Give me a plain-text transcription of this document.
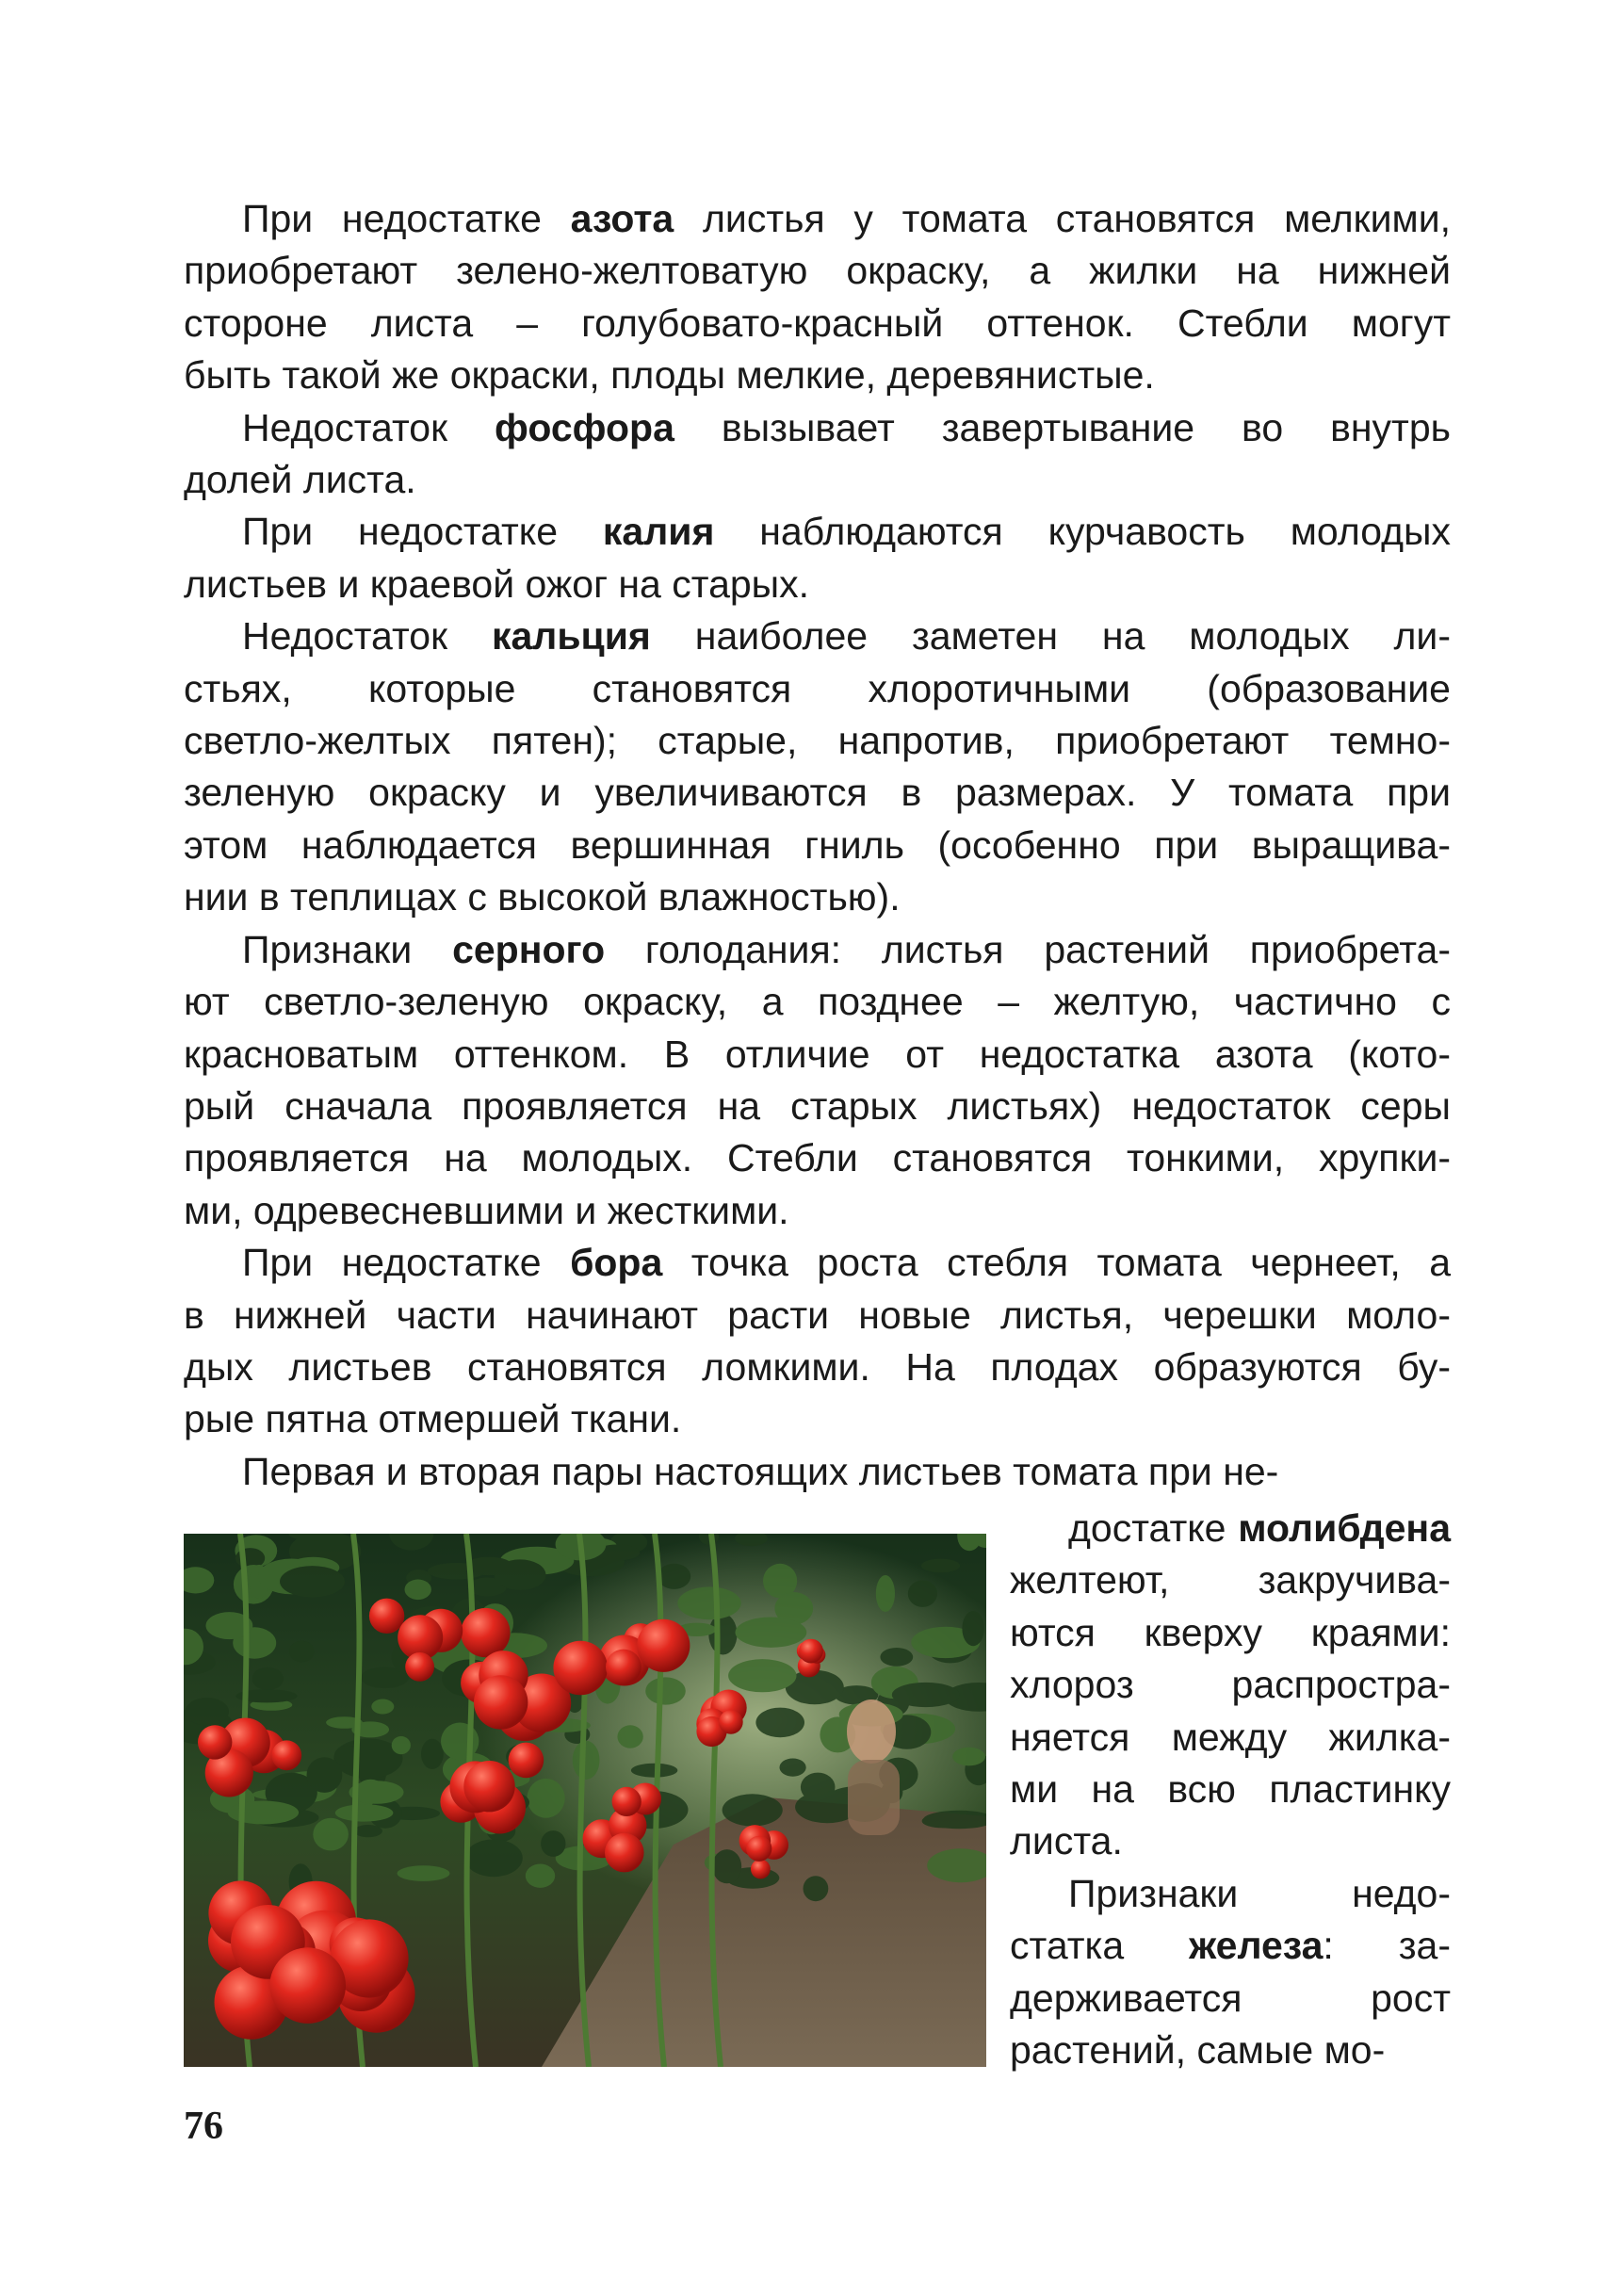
При недостатке азота листья у томата становятся мелкими,
приобретают зелено-желтоватую окраску, а жилки на нижней
стороне листа – голубовато-красный оттенок. Стебли могут
быть такой же окраски, плоды мелкие, деревянистые.
Недостаток фосфора вызывает завертывание во внутрь
долей листа.
При недостатке калия наблюдаются курчавость молодых
листьев и краевой ожог на старых.
Недостаток кальция наиболее заметен на молодых ли-
стьях, которые становятся хлоротичными (образование
светло-желтых пятен); старые, напротив, приобретают темно-
зеленую окраску и увеличиваются в размерах. У томата при
этом наблюдается вершинная гниль (особенно при выращива-
нии в теплицах с высокой влажностью).
Признаки серного голодания: листья растений приобрета-
ют светло-зеленую окраску, а позднее – желтую, частично с
красноватым оттенком. В отличие от недостатка азота (кото-
рый сначала проявляется на старых листьях) недостаток серы
проявляется на молодых. Стебли становятся тонкими, хрупки-
ми, одревесневшими и жесткими.
При недостатке бора точка роста стебля томата чернеет, а
в нижней части начинают расти новые листья, черешки моло-
дых листьев становятся ломкими. На плодах образуются бу-
рые пятна отмершей ткани.
Первая и вторая пары настоящих листьев томата при не-
достатке молибдена
желтеют, закручива-
ются кверху краями:
хлороз распростра-
няется между жилка-
ми на всю пластинку
листа.
Признаки недо-
статка железа: за-
держивается рост
растений, самые мо-
76
